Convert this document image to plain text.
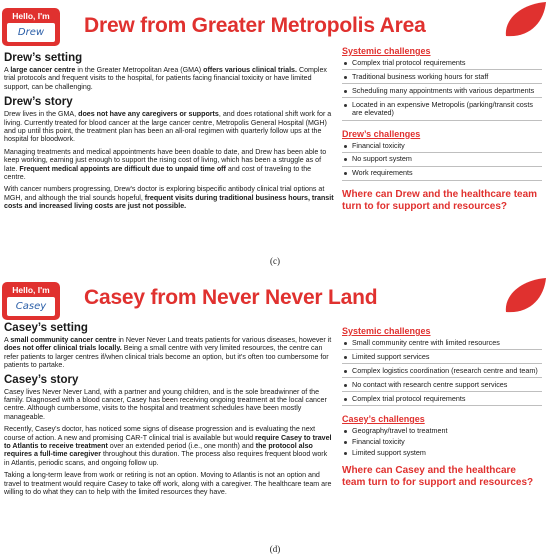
Hello, I'm
Drew	Drew from Greater Metropolis Area
Drew’s setting

A large cancer centre in the Greater Metropolitan Area (GMA) offers various clinical trials. Complex trial protocols and frequent visits to the hospital, for patients facing financial toxicity or have limited support, can be challenging.

Drew’s story

Drew lives in the GMA, does not have any caregivers or supports, and does rotational shift work for a living. Currently treated for blood cancer at the large cancer centre, Metropolis General Hospital (MGH) and up until this point, the treatment plan has been an all-oral regimen with quarterly follow ups at the hospital for bloodwork.

Managing treatments and medical appointments have been doable to date, and Drew has been able to keep working, earning just enough to support the rising cost of living, which has been a struggle as of late. Frequent medical appoints are difficult due to unpaid time off and cost of traveling to the centre.

With cancer numbers progressing, Drew's doctor is exploring bispecific antibody clinical trial options at MGH, and although the trial sounds hopeful, frequent visits during traditional business hours, transit costs and increased living costs are just not possible.

Systemic challenges
Complex trial protocol requirements
Traditional business working hours for staff
Scheduling many appointments with various departments
Located in an expensive Metropolis (parking/transit costs are elevated)
Drew’s challenges
Financial toxicity
No support system
Work requirements
Where can Drew and the healthcare team turn to for support and resources?
(c)
Hello, I'm
Casey	Casey from Never Never Land
Casey’s setting

A small community cancer centre in Never Never Land treats patients for various diseases, however it does not offer clinical trials locally. Being a small centre with very limited resources, the centre can refer patients to larger centres if/when clinical trials become an option, but it's often too cumbersome for patients to partake.

Casey’s story

Casey lives Never Never Land, with a partner and young children, and is the sole breadwinner of the family. Diagnosed with a blood cancer, Casey has been receiving ongoing treatment at the local cancer centre. Although cumbersome, visits to the hospital and treatment schedules have been mostly manageable.

Recently, Casey's doctor, has noticed some signs of disease progression and is evaluating the next course of action. A new and promising CAR-T clinical trial is available but would require Casey to travel to Atlantis to receive treatment over an extended period (i.e., one month) and the protocol also requires a full-time caregiver throughout this duration. The process also requires frequent blood work in Atlantis, periodic scans, and ongoing follow up.

Taking a long-term leave from work or retiring is not an option. Moving to Atlantis is not an option and travel to treatment would require Casey to take off work, along with a caregiver. The healthcare team are willing to do what they can to help with the limited resources they have.

Systemic challenges
Small community centre with limited resources
Limited support services
Complex logistics coordination (research centre and team)
No contact with research centre support services
Complex trial protocol requirements
Casey’s challenges
Geography/travel to treatment
Financial toxicity
Limited support system
Where can Casey and the healthcare team turn to for support and resources?
(d)
